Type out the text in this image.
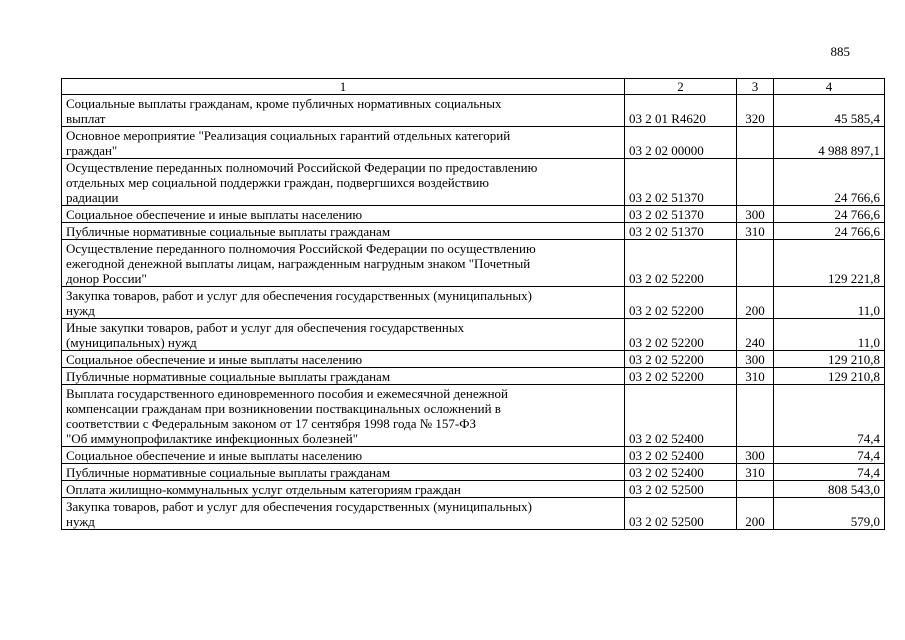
885
1	2	3	4

Социальные выплаты гражданам, кроме публичных нормативных социальных
выплат	03 2 01 R4620	320	45 585,4

Основное мероприятие "Реализация социальных гарантий отдельных категорий
граждан"	03 2 02 00000		4 988 897,1

Осуществление переданных полномочий Российской Федерации по предоставлению
отдельных мер социальной поддержки граждан, подвергшихся воздействию
радиации	03 2 02 51370		24 766,6

Социальное обеспечение и иные выплаты населению	03 2 02 51370	300	24 766,6

Публичные нормативные социальные выплаты гражданам	03 2 02 51370	310	24 766,6

Осуществление переданного полномочия Российской Федерации по осуществлению
ежегодной денежной выплаты лицам, награжденным нагрудным знаком "Почетный
донор России"	03 2 02 52200		129 221,8

Закупка товаров, работ и услуг для обеспечения государственных (муниципальных)
нужд	03 2 02 52200	200	11,0

Иные закупки товаров, работ и услуг для обеспечения государственных
(муниципальных) нужд	03 2 02 52200	240	11,0

Социальное обеспечение и иные выплаты населению	03 2 02 52200	300	129 210,8

Публичные нормативные социальные выплаты гражданам	03 2 02 52200	310	129 210,8

Выплата государственного единовременного пособия и ежемесячной денежной
компенсации гражданам при возникновении поствакцинальных осложнений в
соответствии с Федеральным законом от 17 сентября 1998 года № 157-ФЗ
"Об иммунопрофилактике инфекционных болезней"	03 2 02 52400		74,4

Социальное обеспечение и иные выплаты населению	03 2 02 52400	300	74,4

Публичные нормативные социальные выплаты гражданам	03 2 02 52400	310	74,4

Оплата жилищно-коммунальных услуг отдельным категориям граждан	03 2 02 52500		808 543,0

Закупка товаров, работ и услуг для обеспечения государственных (муниципальных)
нужд	03 2 02 52500	200	579,0
